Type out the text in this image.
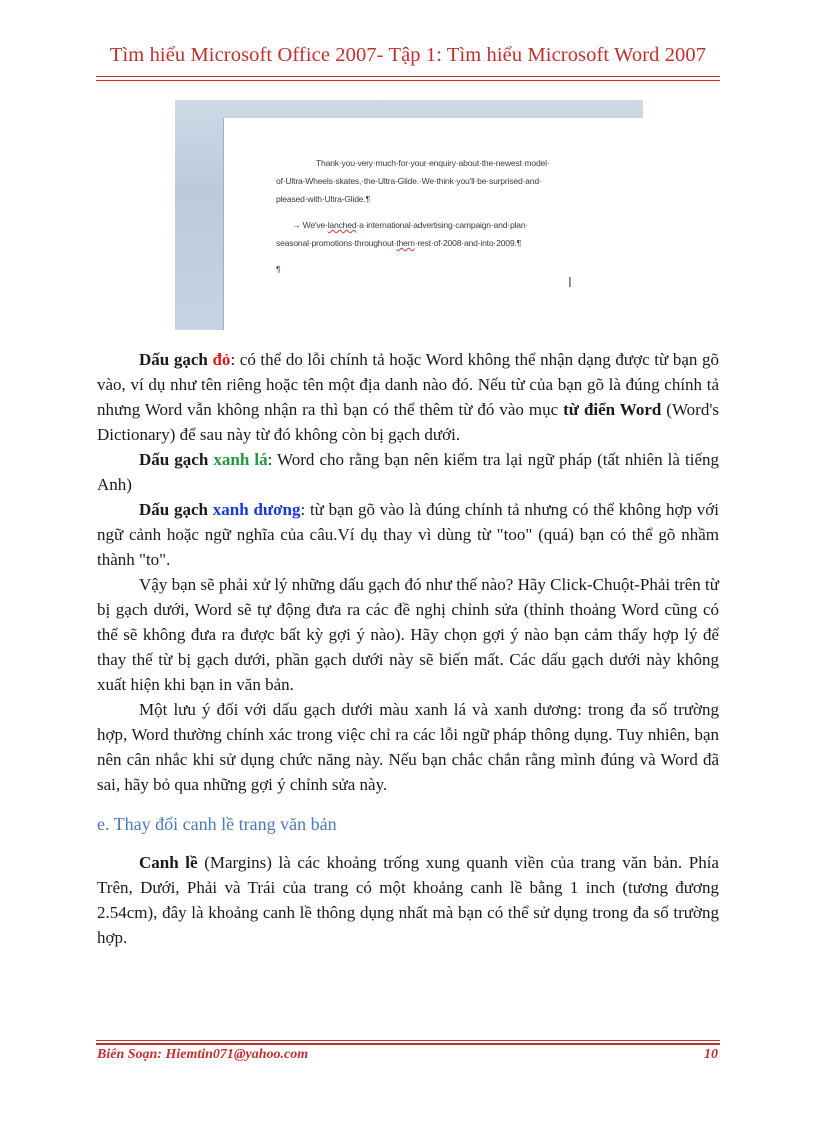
Tìm hiểu Microsoft Office 2007- Tập 1: Tìm hiểu Microsoft Word 2007
Thank·you·very·much·for·your·enquiry·about·the·newest·model·
of·Ultra-Wheels·skates,·the·Ultra-Glide.·We·think·you'll·be·surprised·and·
pleased·with·Ultra-Glide.¶
→ We've·lanched·a·international·advertising·campaign·and·plan·
seasonal·promotions·throughout·them·rest·of·2008·and·into·2009.¶
¶
I

Dấu gạch đỏ: có thể do lỗi chính tả hoặc Word không thể nhận dạng được từ bạn gõ vào, ví dụ như tên riêng hoặc tên một địa danh nào đó. Nếu từ của bạn gõ là đúng chính tả nhưng Word vẫn không nhận ra thì bạn có thể thêm từ đó vào mục từ điển Word (Word's Dictionary) để sau này từ đó không còn bị gạch dưới.

Dấu gạch xanh lá: Word cho rằng bạn nên kiểm tra lại ngữ pháp (tất nhiên là tiếng Anh)

Dấu gạch xanh dương: từ bạn gõ vào là đúng chính tả nhưng có thể không hợp với ngữ cảnh hoặc ngữ nghĩa của câu.Ví dụ thay vì dùng từ "too" (quá) bạn có thể gõ nhầm thành "to".

Vậy bạn sẽ phải xử lý những dấu gạch đó như thế nào? Hãy Click-Chuột-Phải trên từ bị gạch dưới, Word sẽ tự động đưa ra các đề nghị chỉnh sửa (thỉnh thoảng Word cũng có thể sẽ không đưa ra được bất kỳ gợi ý nào). Hãy chọn gợi ý nào bạn cảm thấy hợp lý để thay thế từ bị gạch dưới, phần gạch dưới này sẽ biến mất. Các dấu gạch dưới này không xuất hiện khi bạn in văn bản.

Một lưu ý đối với dấu gạch dưới màu xanh lá và xanh dương: trong đa số trường hợp, Word thường chính xác trong việc chỉ ra các lỗi ngữ pháp thông dụng. Tuy nhiên, bạn nên cân nhắc khi sử dụng chức năng này. Nếu bạn chắc chắn rằng mình đúng và Word đã sai, hãy bỏ qua những gợi ý chỉnh sửa này.

e. Thay đổi canh lề trang văn bản

Canh lề (Margins) là các khoảng trống xung quanh viền của trang văn bản. Phía Trên, Dưới, Phải và Trái của trang có một khoảng canh lề bằng 1 inch (tương đương 2.54cm), đây là khoảng canh lề thông dụng nhất mà bạn có thể sử dụng trong đa số trường hợp.

Biên Soạn: Hiemtin071@yahoo.com	10
